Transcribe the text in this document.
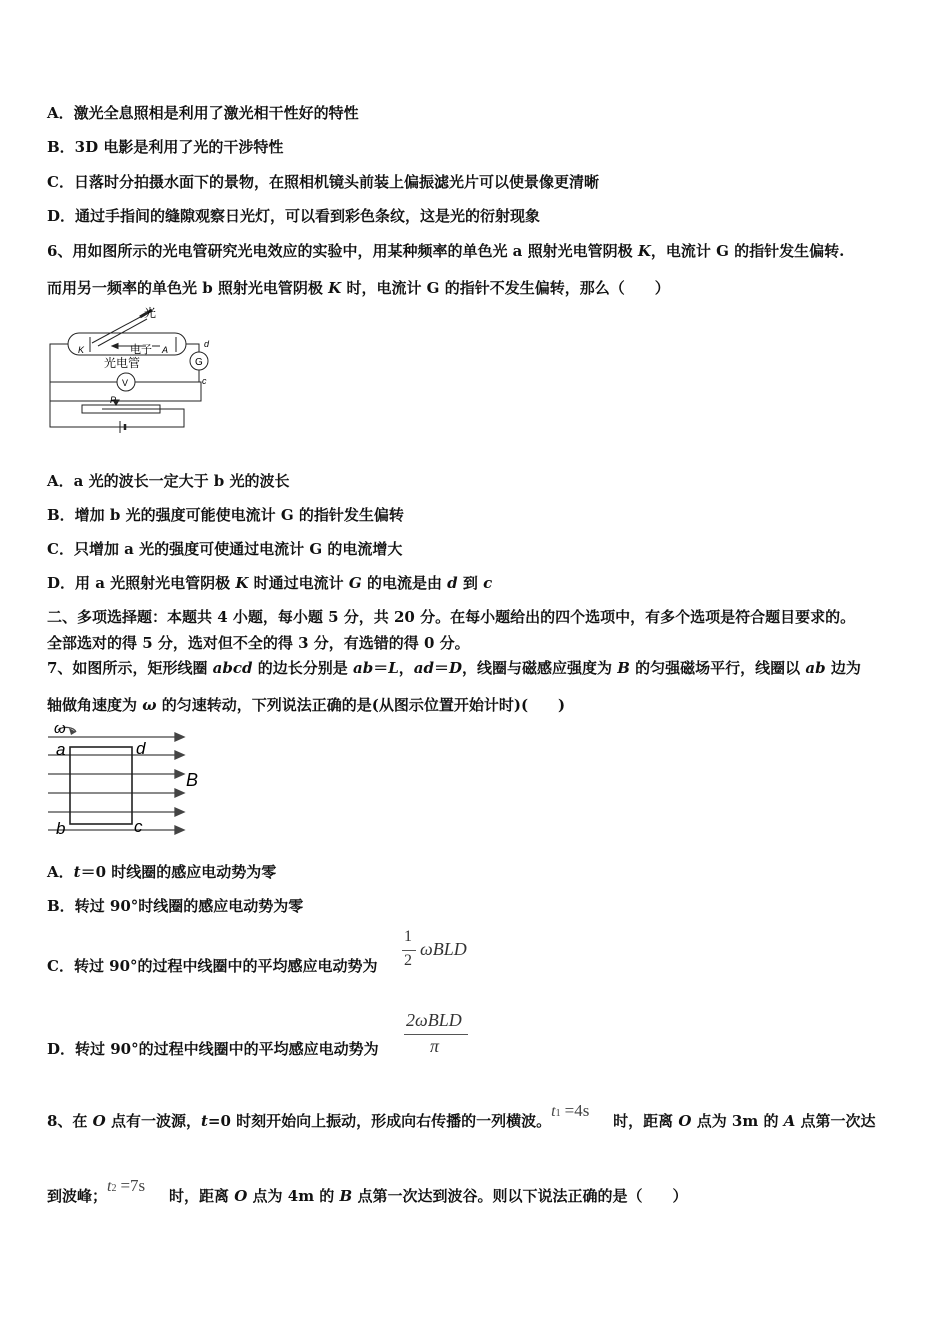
A．激光全息照相是利用了激光相干性好的特性
B．3D 电影是利用了光的干涉特性
C．日落时分拍摄水面下的景物，在照相机镜头前装上偏振滤光片可以使景像更清晰
D．通过手指间的缝隙观察日光灯，可以看到彩色条纹，这是光的衍射现象
6、用如图所示的光电管研究光电效应的实验中，用某种频率的单色光 a 照射光电管阴极 K，电流计 G 的指针发生偏转.
而用另一频率的单色光 b 照射光电管阴极 K 时，电流计 G 的指针不发生偏转，那么（　　）
光
K	A
电子
光电管	G
d
c
V
P
A．a 光的波长一定大于 b 光的波长
B．增加 b 光的强度可能使电流计 G 的指针发生偏转
C．只增加 a 光的强度可使通过电流计 G 的电流增大
D．用 a 光照射光电管阴极 K 时通过电流计 G 的电流是由 d 到 c
二、多项选择题：本题共 4 小题，每小题 5 分，共 20 分。在每小题给出的四个选项中，有多个选项是符合题目要求的。
全部选对的得 5 分，选对但不全的得 3 分，有选错的得 0 分。
7、如图所示，矩形线圈 abcd 的边长分别是 ab＝L，ad＝D，线圈与磁感应强度为 B 的匀强磁场平行，线圈以 ab 边为
轴做角速度为 ω 的匀速转动，下列说法正确的是(从图示位置开始计时)(　　)
ω
a	d
b	c
B
A．t＝0 时线圈的感应电动势为零
B．转过 90°时线圈的感应电动势为零
C．转过 90°的过程中线圈中的平均感应电动势为
1
2
ωBLD
D．转过 90°的过程中线圈中的平均感应电动势为
2ωBLD
π
8、在 O 点有一波源，t=0 时刻开始向上振动，形成向右传播的一列横波。t1 =4s时，距离 O 点为 3m 的 A 点第一次达
到波峰；t2 =7s时，距离 O 点为 4m 的 B 点第一次达到波谷。则以下说法正确的是（　　）
